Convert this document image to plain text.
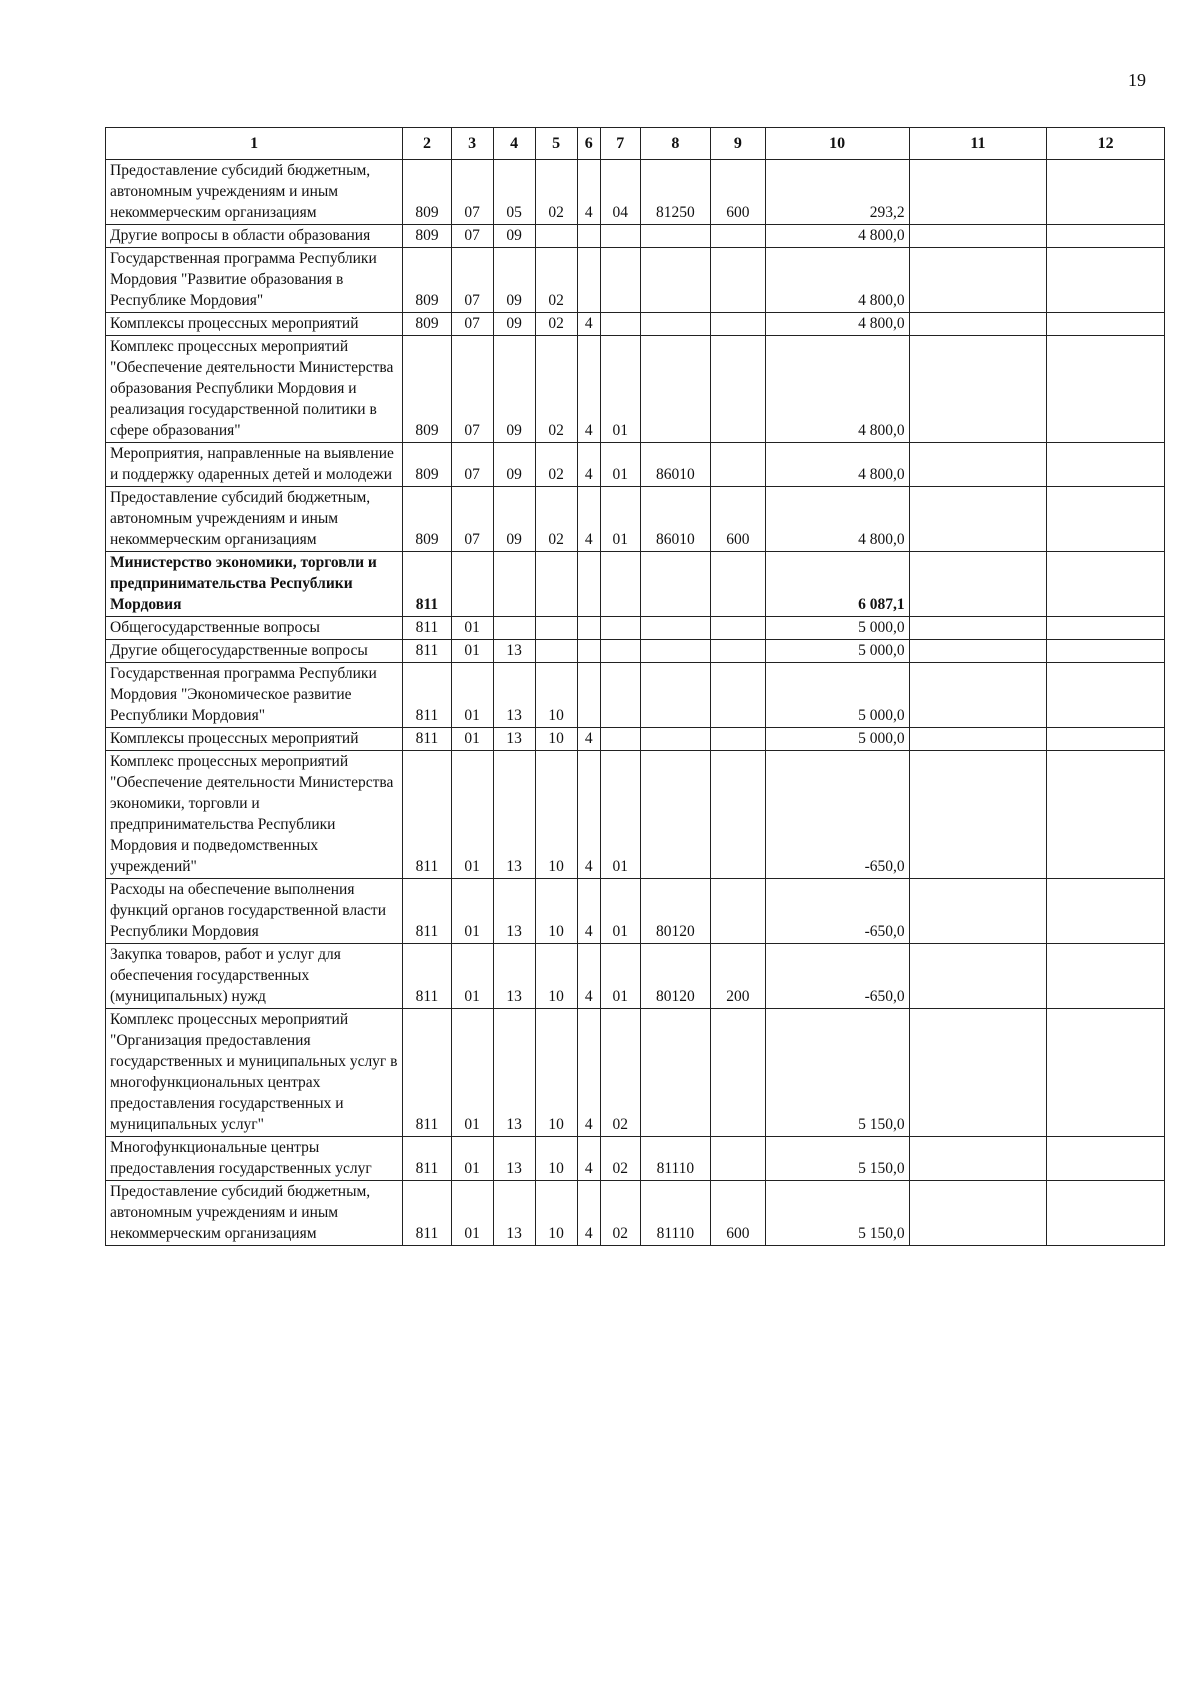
19
1	2	3	4	5	6	7	8	9	10	11	12
Предоставление субсидий бюджетным, автономным учреждениям и иным некоммерческим организациям	809	07	05	02	4	04	81250	600	293,2		
Другие вопросы в области образования	809	07	09						4 800,0		
Государственная программа Республики Мордовия "Развитие образования в Республике Мордовия"	809	07	09	02					4 800,0		
Комплексы процессных мероприятий	809	07	09	02	4				4 800,0		
Комплекс процессных мероприятий "Обеспечение деятельности Министерства образования Республики Мордовия и реализация государственной политики в сфере образования"	809	07	09	02	4	01			4 800,0		
Мероприятия, направленные на выявление и поддержку одаренных детей и молодежи	809	07	09	02	4	01	86010		4 800,0		
Предоставление субсидий бюджетным, автономным учреждениям и иным некоммерческим организациям	809	07	09	02	4	01	86010	600	4 800,0		
Министерство экономики, торговли и предпринимательства Республики Мордовия	811								6 087,1		
Общегосударственные вопросы	811	01							5 000,0		
Другие общегосударственные вопросы	811	01	13						5 000,0		
Государственная программа Республики Мордовия "Экономическое развитие Республики Мордовия"	811	01	13	10					5 000,0		
Комплексы процессных мероприятий	811	01	13	10	4				5 000,0		
Комплекс процессных мероприятий "Обеспечение деятельности Министерства экономики, торговли и предпринимательства Республики Мордовия и подведомственных учреждений"	811	01	13	10	4	01			-650,0		
Расходы на обеспечение выполнения функций органов государственной власти Республики Мордовия	811	01	13	10	4	01	80120		-650,0		
Закупка товаров, работ и услуг для обеспечения государственных (муниципальных) нужд	811	01	13	10	4	01	80120	200	-650,0		
Комплекс процессных мероприятий "Организация предоставления государственных и муниципальных услуг в многофункциональных центрах предоставления государственных и муниципальных услуг"	811	01	13	10	4	02			5 150,0		
Многофункциональные центры предоставления государственных услуг	811	01	13	10	4	02	81110		5 150,0		
Предоставление субсидий бюджетным, автономным учреждениям и иным некоммерческим организациям	811	01	13	10	4	02	81110	600	5 150,0		
